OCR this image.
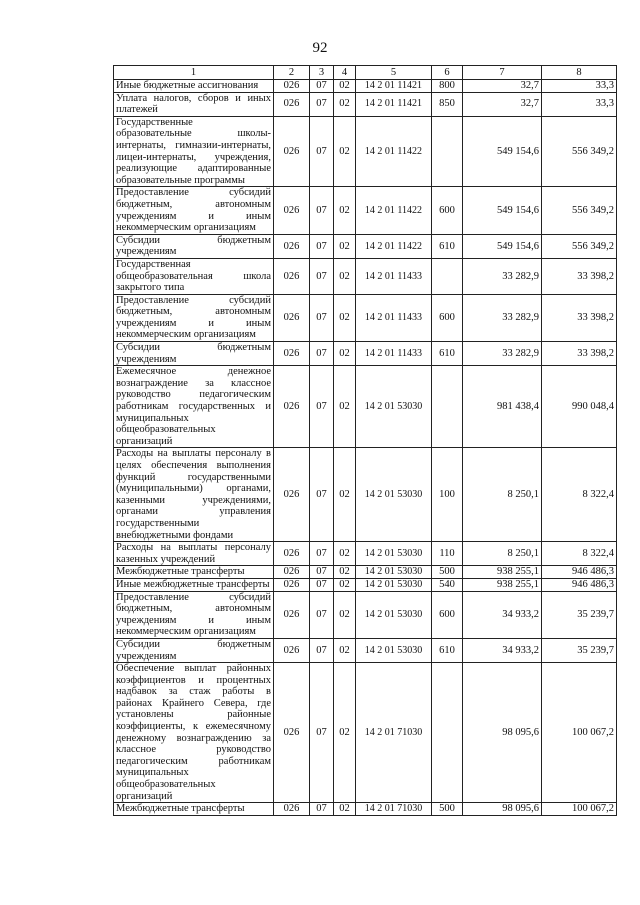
92
1	2	3	4	5	6	7	8
Иные бюджетные ассигнования	026	07	02	14 2 01 11421	800	32,7	33,3
Уплата налогов, сборов и иных платежей	026	07	02	14 2 01 11421	850	32,7	33,3
Государственные образовательные школы-интернаты, гимназии-интернаты, лицеи-интернаты, учреждения, реализующие адаптированные образовательные программы	026	07	02	14 2 01 11422		549 154,6	556 349,2
Предоставление субсидий бюджетным, автономным учреждениям и иным некоммерческим организациям	026	07	02	14 2 01 11422	600	549 154,6	556 349,2
Субсидии бюджетным учреждениям	026	07	02	14 2 01 11422	610	549 154,6	556 349,2
Государственная общеобразовательная школа закрытого типа	026	07	02	14 2 01 11433		33 282,9	33 398,2
Предоставление субсидий бюджетным, автономным учреждениям и иным некоммерческим организациям	026	07	02	14 2 01 11433	600	33 282,9	33 398,2
Субсидии бюджетным учреждениям	026	07	02	14 2 01 11433	610	33 282,9	33 398,2
Ежемесячное денежное вознаграждение за классное руководство педагогическим работникам государственных и муниципальных общеобразовательных организаций	026	07	02	14 2 01 53030		981 438,4	990 048,4
Расходы на выплаты персоналу в целях обеспечения выполнения функций государственными (муниципальными) органами, казенными учреждениями, органами управления государственными внебюджетными фондами	026	07	02	14 2 01 53030	100	8 250,1	8 322,4
Расходы на выплаты персоналу казенных учреждений	026	07	02	14 2 01 53030	110	8 250,1	8 322,4
Межбюджетные трансферты	026	07	02	14 2 01 53030	500	938 255,1	946 486,3
Иные межбюджетные трансферты	026	07	02	14 2 01 53030	540	938 255,1	946 486,3
Предоставление субсидий бюджетным, автономным учреждениям и иным некоммерческим организациям	026	07	02	14 2 01 53030	600	34 933,2	35 239,7
Субсидии бюджетным учреждениям	026	07	02	14 2 01 53030	610	34 933,2	35 239,7
Обеспечение выплат районных коэффициентов и процентных надбавок за стаж работы в районах Крайнего Севера, где установлены районные коэффициенты, к ежемесячному денежному вознаграждению за классное руководство педагогическим работникам муниципальных общеобразовательных организаций	026	07	02	14 2 01 71030		98 095,6	100 067,2
Межбюджетные трансферты	026	07	02	14 2 01 71030	500	98 095,6	100 067,2
